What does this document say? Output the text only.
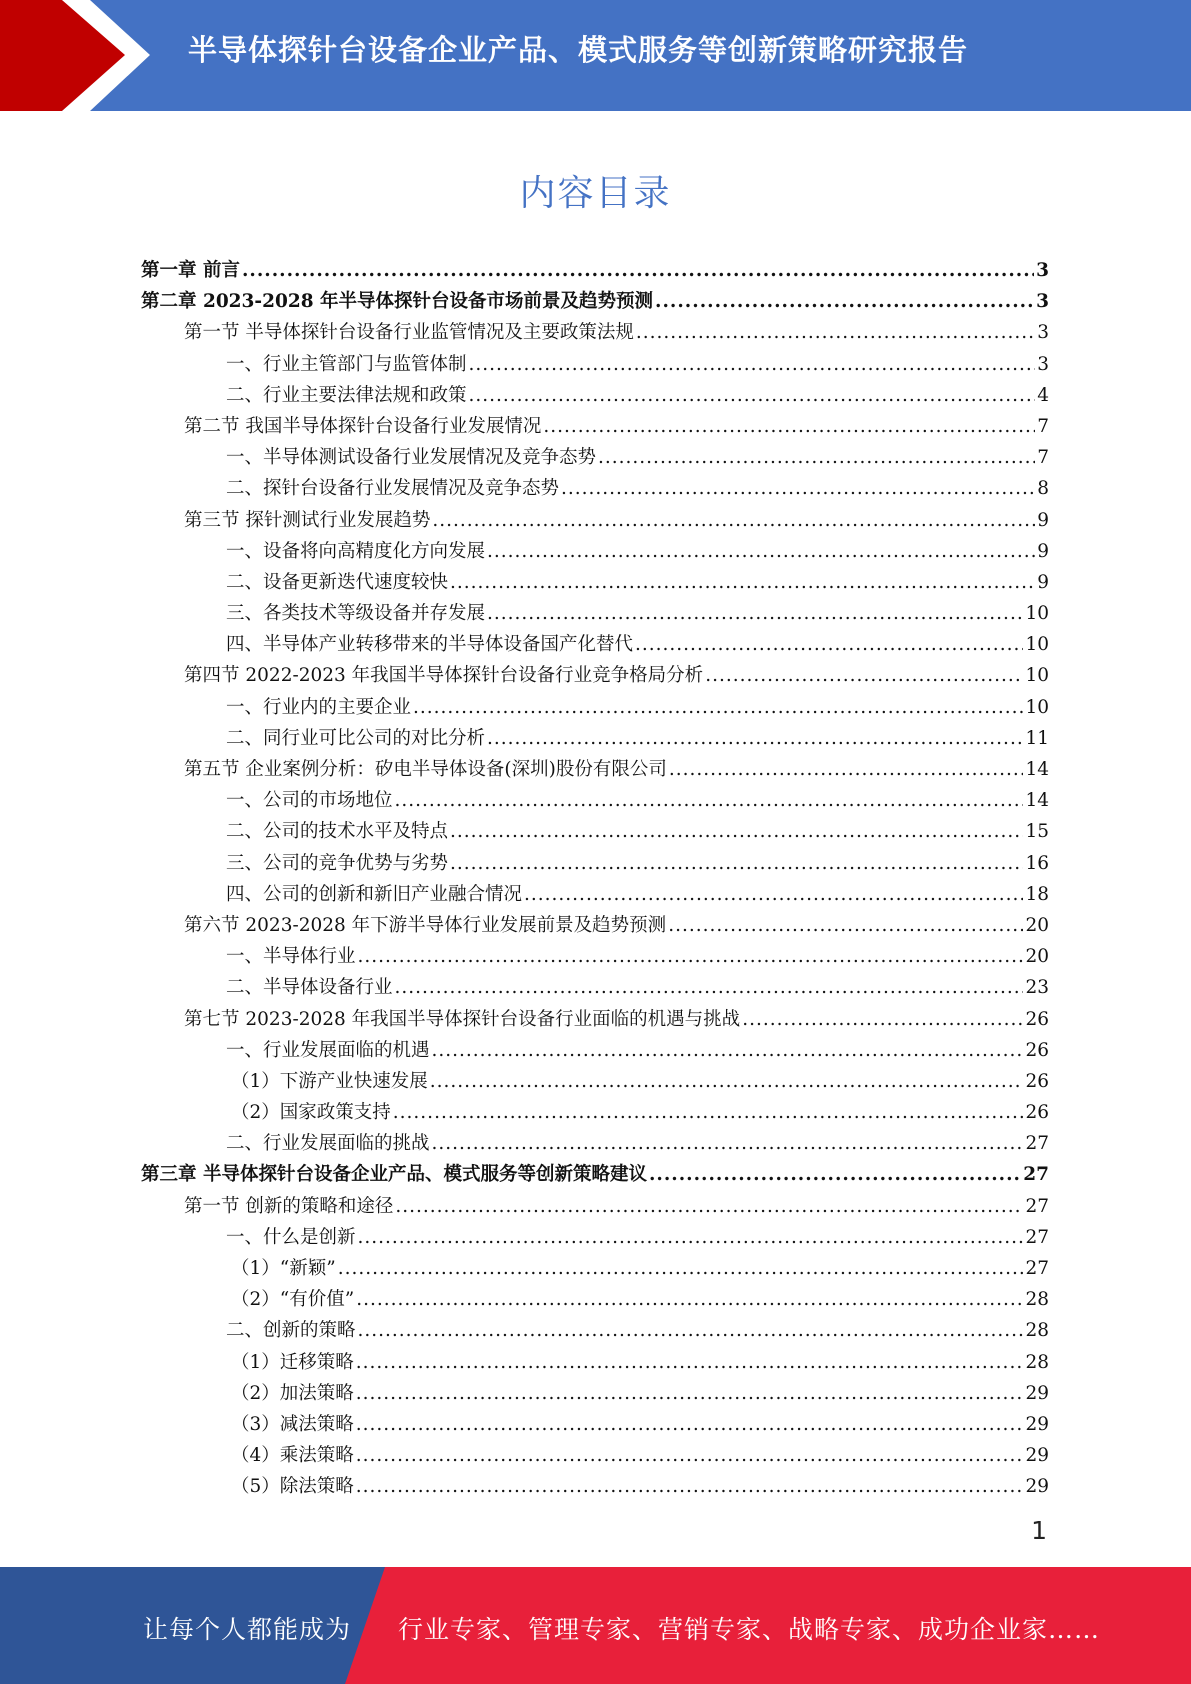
半导体探针台设备企业产品、模式服务等创新策略研究报告
内容目录
第一章 前言 .....	3
第二章 2023-2028 年半导体探针台设备市场前景及趋势预测 .....	3
第一节 半导体探针台设备行业监管情况及主要政策法规 .....	3
一、行业主管部门与监管体制 .....	3
二、行业主要法律法规和政策 .....	4
第二节 我国半导体探针台设备行业发展情况 .....	7
一、半导体测试设备行业发展情况及竞争态势 .....	7
二、探针台设备行业发展情况及竞争态势 .....	8
第三节 探针测试行业发展趋势 .....	9
一、设备将向高精度化方向发展 .....	9
二、设备更新迭代速度较快 .....	9
三、各类技术等级设备并存发展 .....	10
四、半导体产业转移带来的半导体设备国产化替代 .....	10
第四节 2022-2023 年我国半导体探针台设备行业竞争格局分析 .....	10
一、行业内的主要企业 .....	10
二、同行业可比公司的对比分析 .....	11
第五节 企业案例分析：矽电半导体设备(深圳)股份有限公司 .....	14
一、公司的市场地位 .....	14
二、公司的技术水平及特点 .....	15
三、公司的竞争优势与劣势 .....	16
四、公司的创新和新旧产业融合情况 .....	18
第六节 2023-2028 年下游半导体行业发展前景及趋势预测 .....	20
一、半导体行业 .....	20
二、半导体设备行业 .....	23
第七节 2023-2028 年我国半导体探针台设备行业面临的机遇与挑战 .....	26
一、行业发展面临的机遇 .....	26
（1）下游产业快速发展 .....	26
（2）国家政策支持 .....	26
二、行业发展面临的挑战 .....	27
第三章 半导体探针台设备企业产品、模式服务等创新策略建议 .....	27
第一节 创新的策略和途径 .....	27
一、什么是创新 .....	27
（1）“新颖” .....	27
（2）“有价值” .....	28
二、创新的策略 .....	28
（1）迁移策略 .....	28
（2）加法策略 .....	29
（3）减法策略 .....	29
（4）乘法策略 .....	29
（5）除法策略 .....	29
1
让每个人都能成为 行业专家、管理专家、营销专家、战略专家、成功企业家……
